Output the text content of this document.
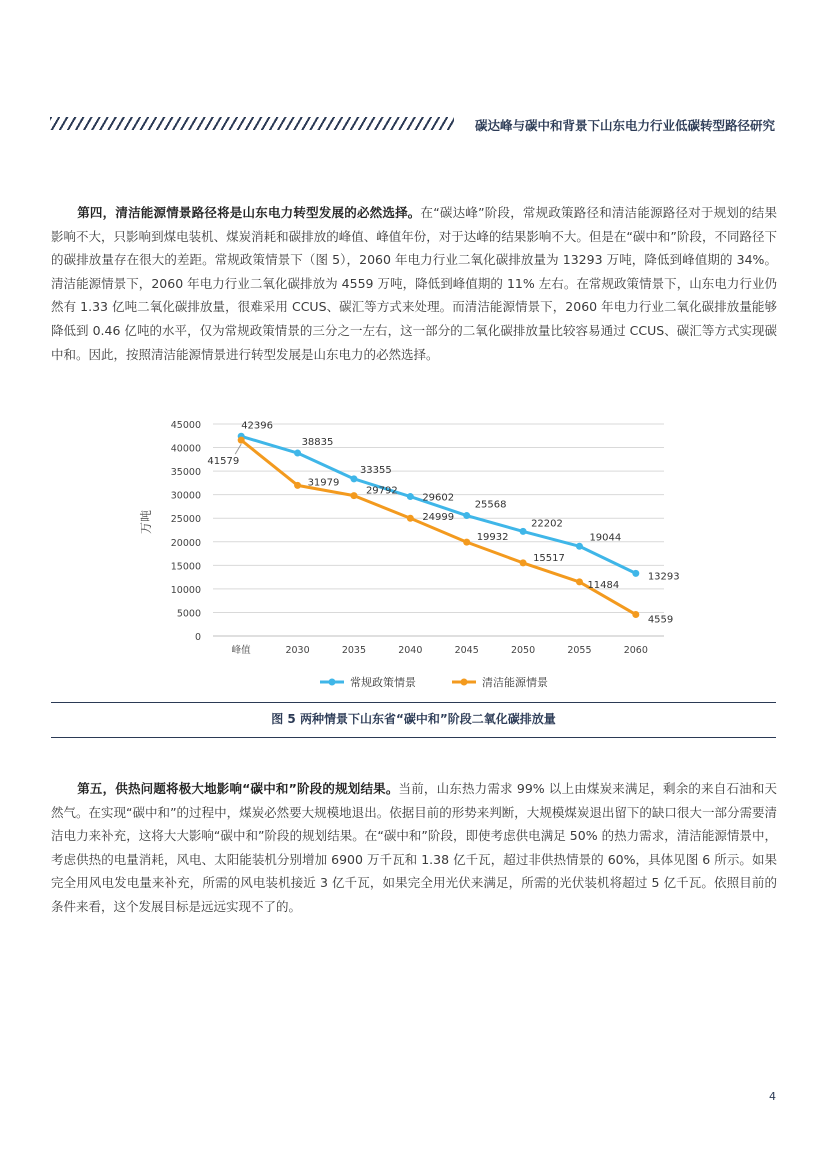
碳达峰与碳中和背景下山东电力行业低碳转型路径研究

第四，清洁能源情景路径将是山东电力转型发展的必然选择。在“碳达峰”阶段，常规政策路径和清洁能源路径对于规划的结果影响不大，只影响到煤电装机、煤炭消耗和碳排放的峰值、峰值年份，对于达峰的结果影响不大。但是在“碳中和”阶段，不同路径下的碳排放量存在很大的差距。常规政策情景下（图 5），2060 年电力行业二氧化碳排放量为 13293 万吨，降低到峰值期的 34%。清洁能源情景下，2060 年电力行业二氧化碳排放为 4559 万吨，降低到峰值期的 11% 左右。在常规政策情景下，山东电力行业仍然有 1.33 亿吨二氧化碳排放量，很难采用 CCUS、碳汇等方式来处理。而清洁能源情景下，2060 年电力行业二氧化碳排放量能够降低到 0.46 亿吨的水平，仅为常规政策情景的三分之一左右，这一部分的二氧化碳排放量比较容易通过 CCUS、碳汇等方式实现碳中和。因此，按照清洁能源情景进行转型发展是山东电力的必然选择。

万吨
0
5000
10000
15000
20000
25000
30000
35000
40000
45000
峰值	2030	2035	2040	2045	2050	2055	2060
42396
38835
33355
29602
25568
22202
19044
13293
41579
31979
29792
24999
19932
15517
11484
4559
常规政策情景	清洁能源情景
图 5 两种情景下山东省“碳中和”阶段二氧化碳排放量

第五，供热问题将极大地影响“碳中和”阶段的规划结果。当前，山东热力需求 99% 以上由煤炭来满足，剩余的来自石油和天然气。在实现“碳中和”的过程中，煤炭必然要大规模地退出。依据目前的形势来判断，大规模煤炭退出留下的缺口很大一部分需要清洁电力来补充，这将大大影响“碳中和”阶段的规划结果。在“碳中和”阶段，即使考虑供电满足 50% 的热力需求，清洁能源情景中，考虑供热的电量消耗，风电、太阳能装机分别增加 6900 万千瓦和 1.38 亿千瓦，超过非供热情景的 60%，具体见图 6 所示。如果完全用风电发电量来补充，所需的风电装机接近 3 亿千瓦，如果完全用光伏来满足，所需的光伏装机将超过 5 亿千瓦。依照目前的条件来看，这个发展目标是远远实现不了的。

4
